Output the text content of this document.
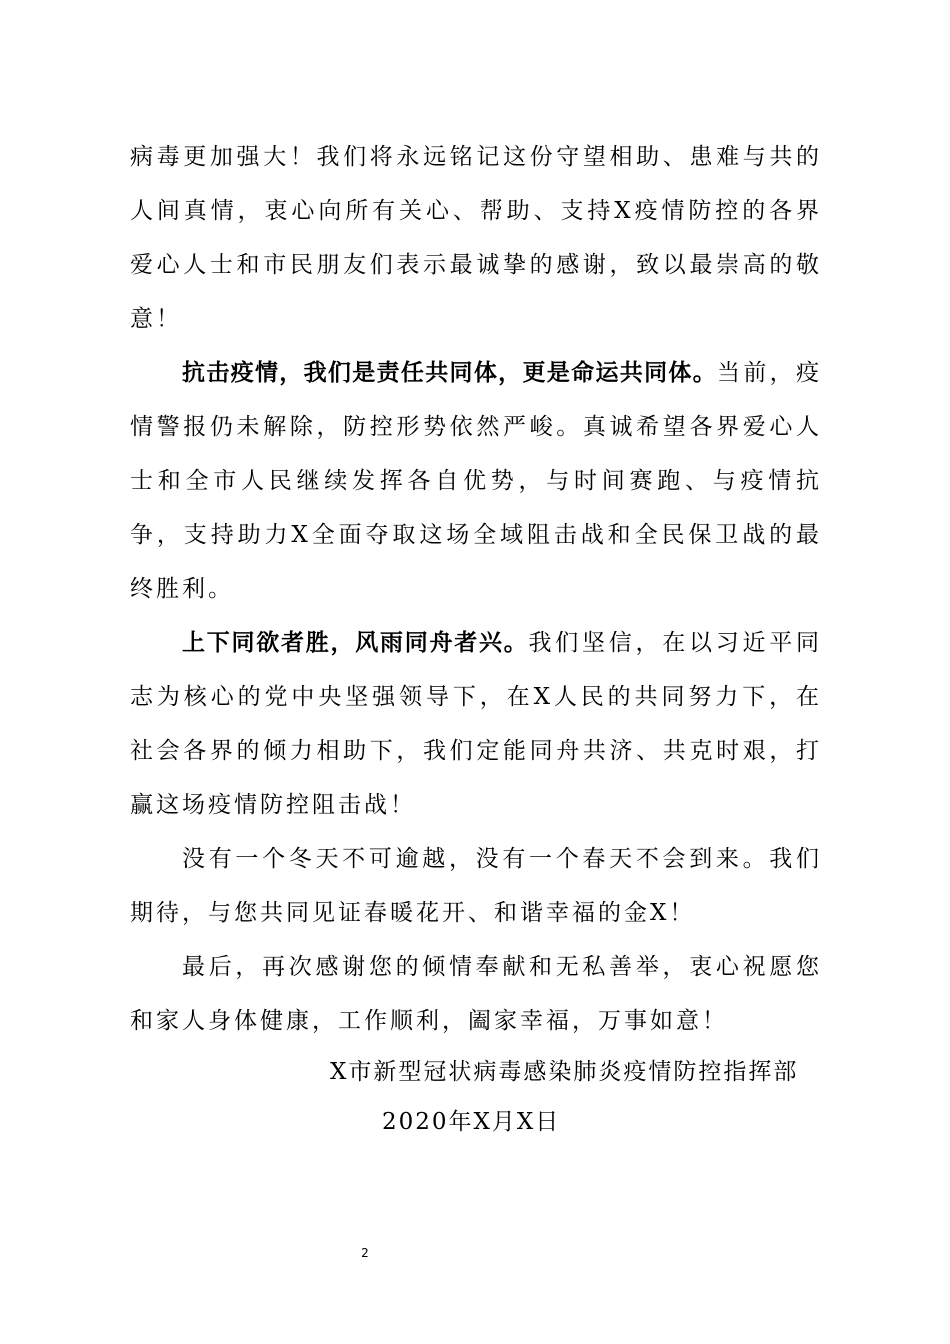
病毒更加强大！我们将永远铭记这份守望相助、患难与共的人间真情，衷心向所有关心、帮助、支持X疫情防控的各界爱心人士和市民朋友们表示最诚挚的感谢，致以最崇高的敬意！

抗击疫情，我们是责任共同体，更是命运共同体。当前，疫情警报仍未解除，防控形势依然严峻。真诚希望各界爱心人士和全市人民继续发挥各自优势，与时间赛跑、与疫情抗争，支持助力X全面夺取这场全域阻击战和全民保卫战的最终胜利。

上下同欲者胜，风雨同舟者兴。我们坚信，在以习近平同志为核心的党中央坚强领导下，在X人民的共同努力下，在社会各界的倾力相助下，我们定能同舟共济、共克时艰，打赢这场疫情防控阻击战！

没有一个冬天不可逾越，没有一个春天不会到来。我们期待，与您共同见证春暖花开、和谐幸福的金X！

最后，再次感谢您的倾情奉献和无私善举，衷心祝愿您和家人身体健康，工作顺利，阖家幸福，万事如意！

X市新型冠状病毒感染肺炎疫情防控指挥部
2020年X月X日
2
